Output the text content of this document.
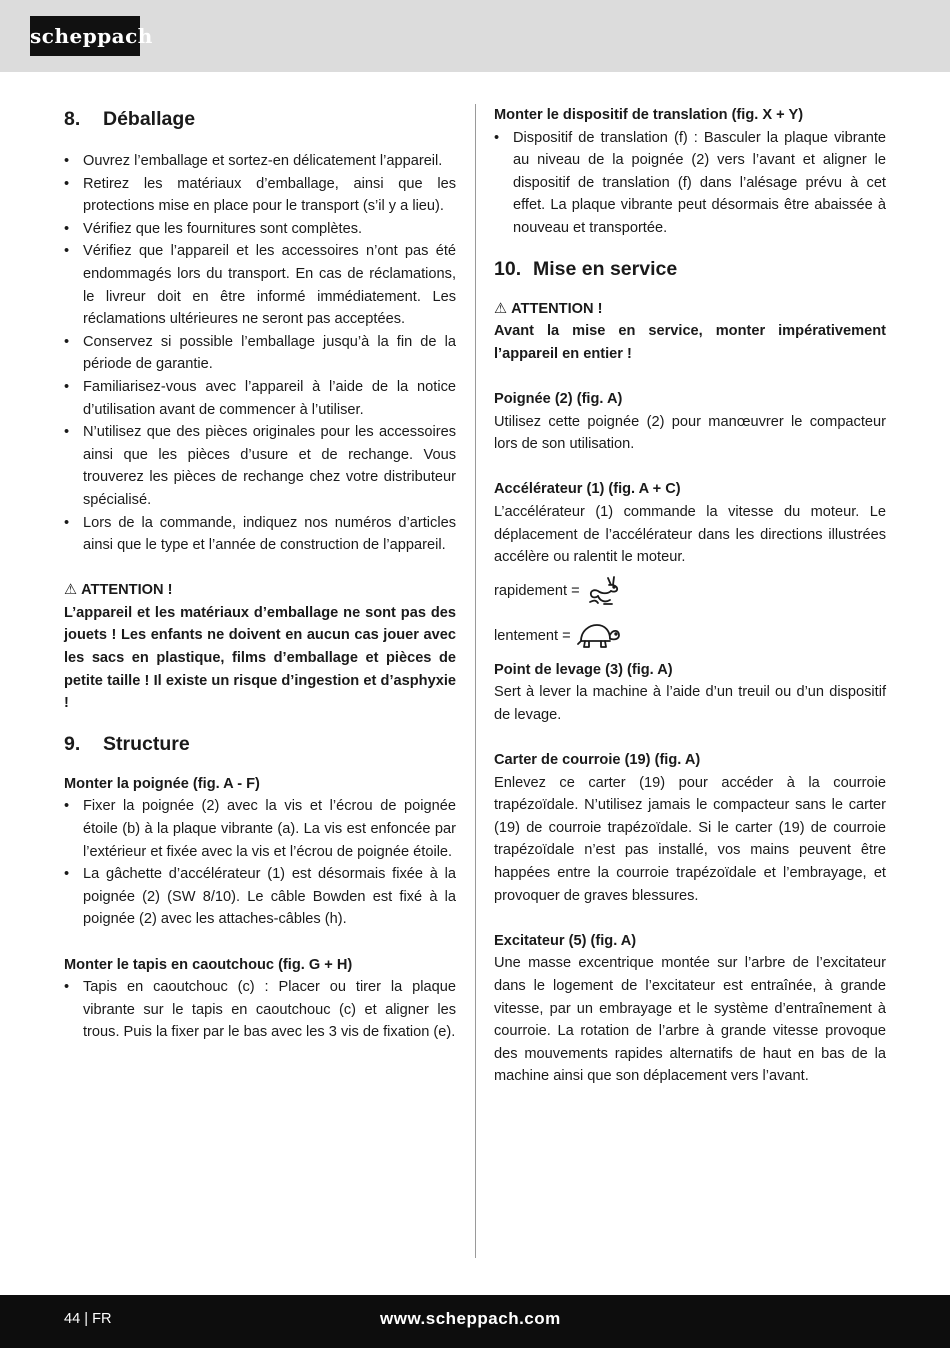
scheppach
8. Déballage
• Ouvrez l’emballage et sortez-en délicatement l’appareil.
• Retirez les matériaux d’emballage, ainsi que les protections mise en place pour le transport (s’il y a lieu).
• Vérifiez que les fournitures sont complètes.
• Vérifiez que l’appareil et les accessoires n’ont pas été endommagés lors du transport. En cas de réclamations, le livreur doit en être informé immédiatement. Les réclamations ultérieures ne seront pas acceptées.
• Conservez si possible l’emballage jusqu’à la fin de la période de garantie.
• Familiarisez-vous avec l’appareil à l’aide de la notice d’utilisation avant de commencer à l’utiliser.
• N’utilisez que des pièces originales pour les accessoires ainsi que les pièces d’usure et de rechange. Vous trouverez les pièces de rechange chez votre distributeur spécialisé.
• Lors de la commande, indiquez nos numéros d’articles ainsi que le type et l’année de construction de l’appareil.
⚠ ATTENTION !
L’appareil et les matériaux d’emballage ne sont pas des jouets ! Les enfants ne doivent en aucun cas jouer avec les sacs en plastique, films d’emballage et pièces de petite taille ! Il existe un risque d’ingestion et d’asphyxie !
9. Structure
Monter la poignée (fig. A - F)
• Fixer la poignée (2) avec la vis et l’écrou de poignée étoile (b) à la plaque vibrante (a). La vis est enfoncée par l’extérieur et fixée avec la vis et l’écrou de poignée étoile.
• La gâchette d’accélérateur (1) est désormais fixée à la poignée (2) (SW 8/10). Le câble Bowden est fixé à la poignée (2) avec les attaches-câbles (h).
Monter le tapis en caoutchouc (fig. G + H)
• Tapis en caoutchouc (c) : Placer ou tirer la plaque vibrante sur le tapis en caoutchouc (c) et aligner les trous. Puis la fixer par le bas avec les 3 vis de fixation (e).
Monter le dispositif de translation (fig. X + Y)
• Dispositif de translation (f) : Basculer la plaque vibrante au niveau de la poignée (2) vers l’avant et aligner le dispositif de translation (f) dans l’alésage prévu à cet effet. La plaque vibrante peut désormais être abaissée à nouveau et transportée.
10. Mise en service
⚠ ATTENTION !
Avant la mise en service, monter impérativement l’appareil en entier !
Poignée (2) (fig. A)
Utilisez cette poignée (2) pour manœuvrer le compacteur lors de son utilisation.
Accélérateur (1) (fig. A + C)
L’accélérateur (1) commande la vitesse du moteur. Le déplacement de l’accélérateur dans les directions illustrées accélère ou ralentit le moteur.
rapidement =
lentement =
Point de levage (3) (fig. A)
Sert à lever la machine à l’aide d’un treuil ou d’un dispositif de levage.
Carter de courroie (19) (fig. A)
Enlevez ce carter (19) pour accéder à la courroie trapézoïdale. N’utilisez jamais le compacteur sans le carter (19) de courroie trapézoïdale. Si le carter (19) de courroie trapézoïdale n’est pas installé, vos mains peuvent être happées entre la courroie trapézoïdale et l’embrayage, et provoquer de graves blessures.
Excitateur (5) (fig. A)
Une masse excentrique montée sur l’arbre de l’excitateur dans le logement de l’excitateur est entraînée, à grande vitesse, par un embrayage et le système d’entraînement à courroie. La rotation de l’arbre à grande vitesse provoque des mouvements rapides alternatifs de haut en bas de la machine ainsi que son déplacement vers l’avant.
44 | FR	www.scheppach.com
